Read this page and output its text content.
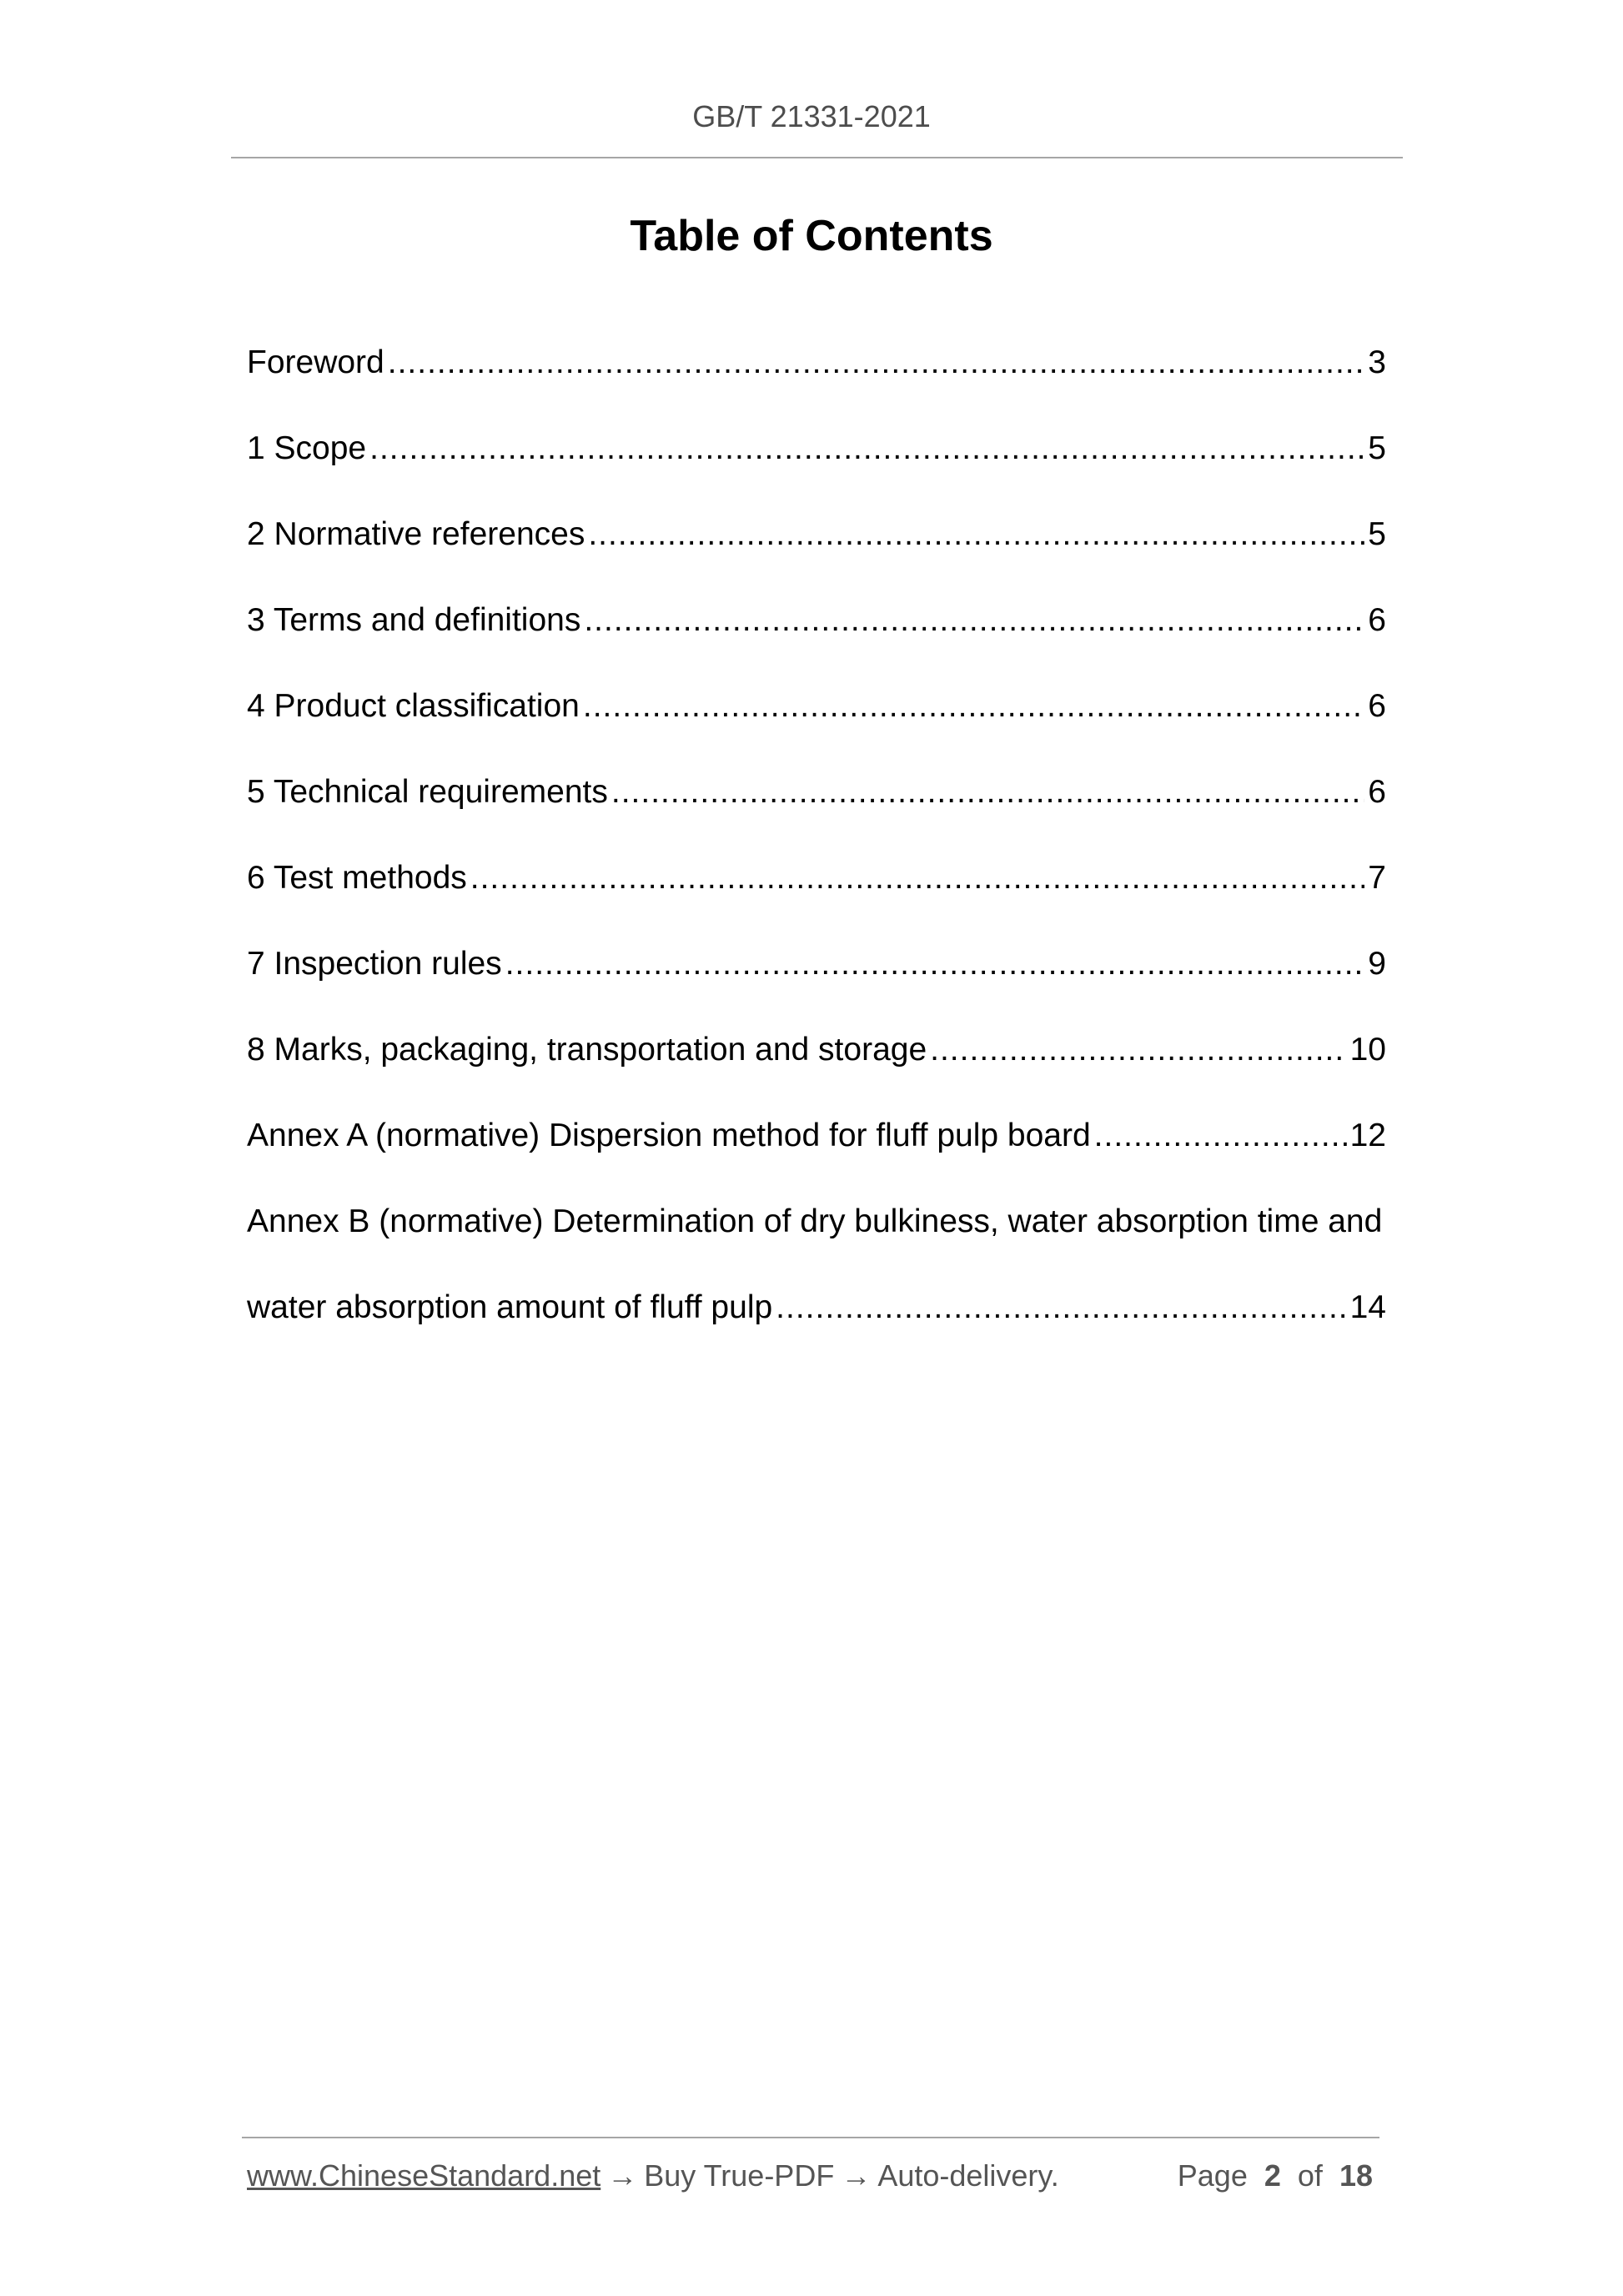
GB/T 21331-2021
Table of Contents
Foreword .....	3
1 Scope .....	5
2 Normative references .....	5
3 Terms and definitions .....	6
4 Product classification .....	6
5 Technical requirements .....	6
6 Test methods .....	7
7 Inspection rules .....	9
8 Marks, packaging, transportation and storage .....	10
Annex A (normative) Dispersion method for fluff pulp board .....	12
Annex B (normative) Determination of dry bulkiness, water absorption time and
water absorption amount of fluff pulp .....	14
www.ChineseStandard.net → Buy True-PDF → Auto-delivery.	Page 2 of 18
